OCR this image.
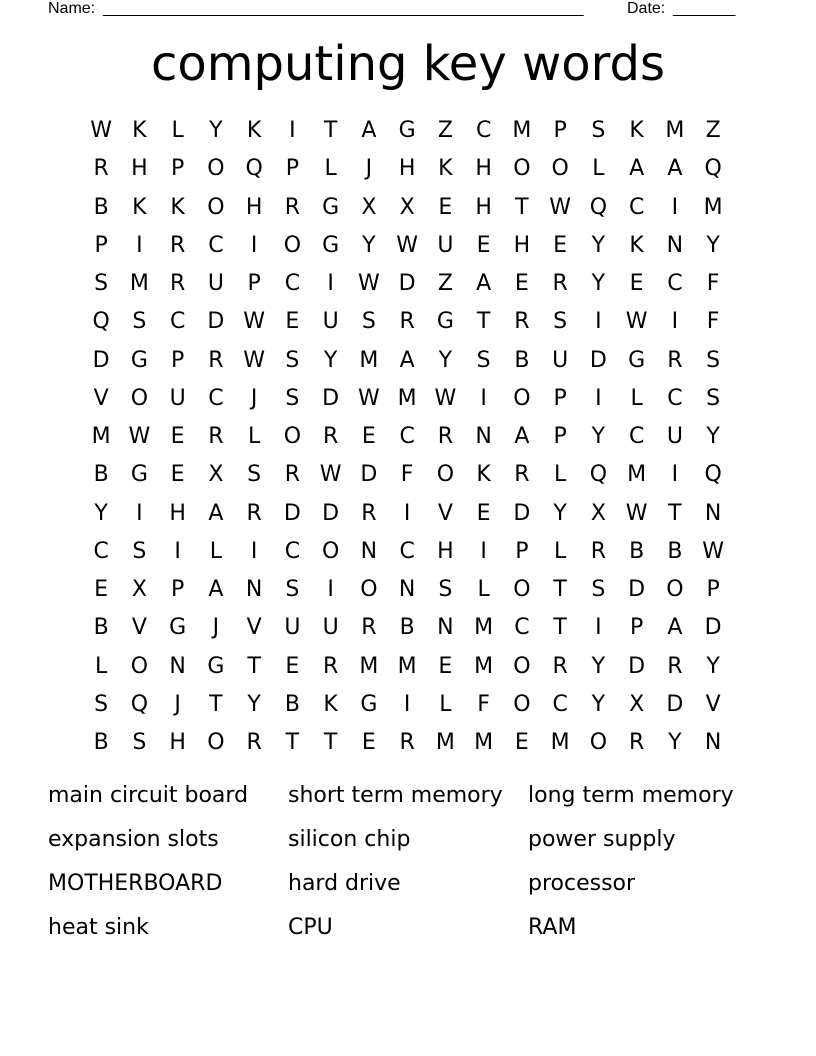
Name: ______________________________________________________	Date: _______
computing key words
W K	L	Y	K	I	T	A	G	Z	C M	P	S	K M Z
R	H	P	O Q	P	L	J	H	K	H O O	L	A	A	Q
B	K	K	O H	R	G	X	X	E	H	T W Q C	I	M
P	I	R	C	I	O G	Y W U	E	H	E	Y	K	N	Y
S M R	U	P	C	I	W D	Z	A	E	R	Y	E	C	F
Q	S	C	D W E	U	S	R	G	T	R	S	I	W	I	F
D G	P	R W S	Y	M A	Y	S	B	U D G	R	S
V	O U	C	J	S	D W M W	I	O	P	I	L	C	S
M W E	R	L	O R	E	C	R	N	A	P	Y	C	U	Y
B	G	E	X	S	R W D	F	O	K	R	L	Q M	I	Q
Y	I	H	A	R	D D	R	I	V	E	D	Y	X W T	N
C	S	I	L	I	C O N	C	H	I	P	L	R	B	B W
E	X	P	A	N	S	I	O N	S	L	O	T	S	D O	P
B	V	G	J	V	U	U	R	B	N M C	T	I	P	A	D
L	O N G	T	E	R M M E M O R	Y	D	R	Y
S	Q	J	T	Y	B	K	G	I	L	F	O C	Y	X	D	V
B	S	H O R	T	T	E	R M M E M O R	Y	N
main circuit board	short term memory	long term memory
expansion slots	silicon chip	power supply
MOTHERBOARD	hard drive	processor
heat sink	CPU	RAM
